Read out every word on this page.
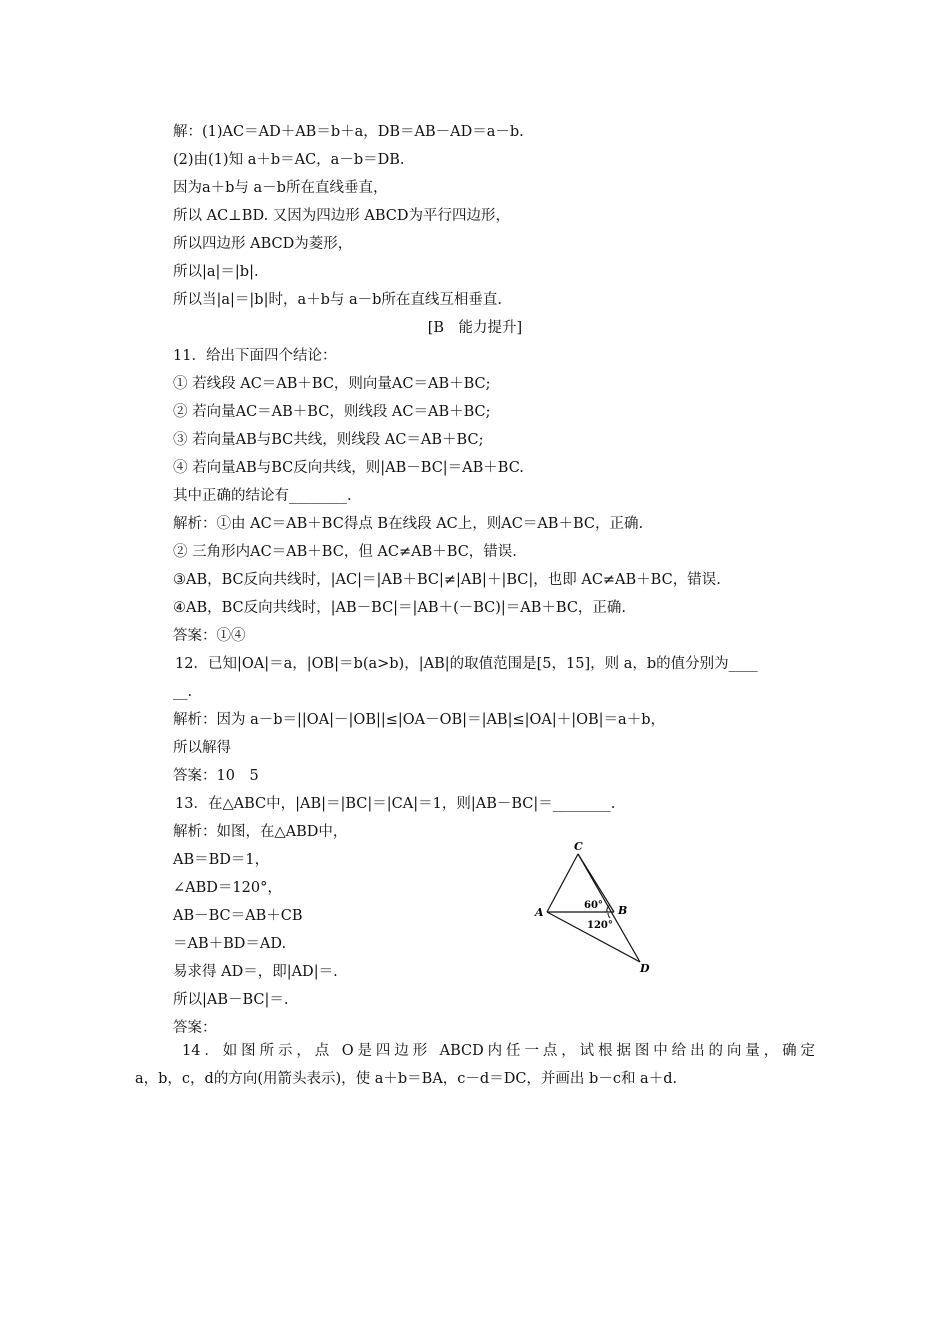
解：(1)AC＝AD＋AB＝b＋a，DB＝AB－AD＝a－b.
(2)由(1)知 a＋b＝AC，a－b＝DB.
因为a＋b与 a－b所在直线垂直，
所以 AC⊥BD. 又因为四边形 ABCD为平行四边形，
所以四边形 ABCD为菱形，
所以|a|＝|b|.
所以当|a|＝|b|时，a＋b与 a－b所在直线互相垂直.
[B　能力提升]
11．给出下面四个结论：
① 若线段 AC＝AB＋BC，则向量AC＝AB＋BC;
② 若向量AC＝AB＋BC，则线段 AC＝AB＋BC;
③ 若向量AB与BC共线，则线段 AC＝AB＋BC;
④ 若向量AB与BC反向共线，则|AB－BC|＝AB＋BC.
其中正确的结论有________.
解析：①由 AC＝AB＋BC得点 B在线段 AC上，则AC＝AB＋BC，正确.
② 三角形内AC＝AB＋BC，但 AC≠AB＋BC，错误.
③AB，BC反向共线时，|AC|＝|AB＋BC|≠|AB|＋|BC|，也即 AC≠AB＋BC，错误.
④AB，BC反向共线时，|AB－BC|＝|AB＋(－BC)|＝AB＋BC，正确.
答案：①④
12．已知|OA|＝a，|OB|＝b(a>b)，|AB|的取值范围是[5，15]，则 a，b的值分别为____
__.
解析：因为 a－b＝||OA|－|OB||≤|OA－OB|＝|AB|≤|OA|＋|OB|＝a＋b，
所以解得
答案：10　5
13．在△ABC中，|AB|＝|BC|＝|CA|＝1，则|AB－BC|＝________.
解析：如图，在△ABD中，
AB＝BD＝1，
∠ABD＝120°，
AB－BC＝AB＋CB
＝AB＋BD＝AD.
易求得 AD＝，即|AD|＝.
所以|AB－BC|＝.
答案：
C
A	B
D
60°
120°
14．如图所示，点 O是四边形 ABCD内任一点，试根据图中给出的向量，确定
a，b，c，d的方向(用箭头表示)，使 a＋b＝BA，c－d＝DC，并画出 b－c和 a＋d.
